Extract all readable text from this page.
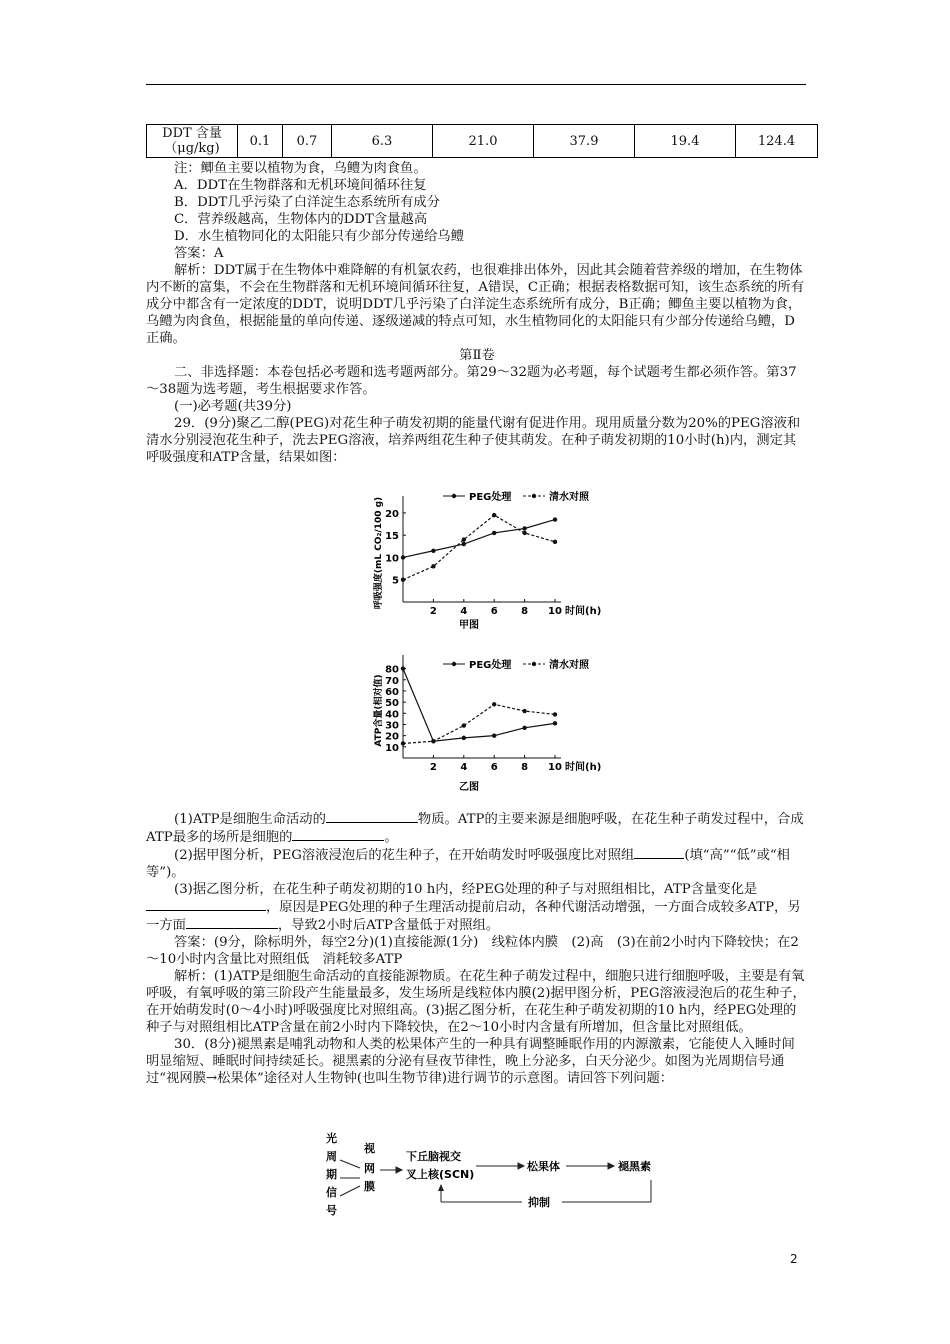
DDT 含量
（μg/kg)	0.1	0.7	6.3	21.0	37.9	19.4	124.4

注：鲫鱼主要以植物为食，乌鳢为肉食鱼。

A．DDT在生物群落和无机环境间循环往复

B．DDT几乎污染了白洋淀生态系统所有成分

C．营养级越高，生物体内的DDT含量越高

D．水生植物同化的太阳能只有少部分传递给乌鳢

答案：A

解析：DDT属于在生物体中难降解的有机氯农药，也很难排出体外，因此其会随着营养级的增加，在生物体内不断的富集，不会在生物群落和无机环境间循环往复，A错误，C正确；根据表格数据可知，该生态系统的所有成分中都含有一定浓度的DDT，说明DDT几乎污染了白洋淀生态系统所有成分，B正确；鲫鱼主要以植物为食，乌鳢为肉食鱼，根据能量的单向传递、逐级递减的特点可知，水生植物同化的太阳能只有少部分传递给乌鳢，D正确。

第Ⅱ卷

二、非选择题：本卷包括必考题和选考题两部分。第29～32题为必考题，每个试题考生都必须作答。第37～38题为选考题，考生根据要求作答。

(一)必考题(共39分)

29．(9分)聚乙二醇(PEG)对花生种子萌发初期的能量代谢有促进作用。现用质量分数为20%的PEG溶液和清水分别浸泡花生种子，洗去PEG溶液，培养两组花生种子使其萌发。在种子萌发初期的10小时(h)内，测定其呼吸强度和ATP含量，结果如图：

2 4 6 8 10
5
10
15
20
时间(h)
呼吸强度(mL CO₂/100 g)	PEG处理	清水对照
甲图
2 4 6 8 10
10
20
30
40
50
60
70
80
时间(h)
ATP含量(相对值)
PEG处理	清水对照
乙图

(1)ATP是细胞生命活动的	物质。ATP的主要来源是细胞呼吸，在花生种子萌发过程中，合成ATP最多的场所是细胞的	。

(2)据甲图分析，PEG溶液浸泡后的花生种子，在开始萌发时呼吸强度比对照组	(填“高”“低”或“相等”)。

(3)据乙图分析，在花生种子萌发初期的10 h内，经PEG处理的种子与对照组相比，ATP含量变化是，原因是PEG处理的种子生理活动提前启动，各种代谢活动增强，一方面合成较多ATP，另一方面	，导致2小时后ATP含量低于对照组。

答案：(9分，除标明外，每空2分)(1)直接能源(1分)　线粒体内膜　(2)高　(3)在前2小时内下降较快；在2～10小时内含量比对照组低　消耗较多ATP

解析：(1)ATP是细胞生命活动的直接能源物质。在花生种子萌发过程中，细胞只进行细胞呼吸，主要是有氧呼吸，有氧呼吸的第三阶段产生能量最多，发生场所是线粒体内膜(2)据甲图分析，PEG溶液浸泡后的花生种子，在开始萌发时(0～4小时)呼吸强度比对照组高。(3)据乙图分析，在花生种子萌发初期的10 h内，经PEG处理的种子与对照组相比ATP含量在前2小时内下降较快，在2～10小时内含量有所增加，但含量比对照组低。

30．(8分)褪黑素是哺乳动物和人类的松果体产生的一种具有调整睡眠作用的内源激素，它能使人入睡时间明显缩短、睡眠时间持续延长。褪黑素的分泌有昼夜节律性，晚上分泌多，白天分泌少。如图为光周期信号通过“视网膜→松果体”途径对人生物钟(也叫生物节律)进行调节的示意图。请回答下列问题：

光
周
期
信
号
视
网
膜
下丘脑视交
叉上核(SCN)
松果体	褪黑素
抑制
2
